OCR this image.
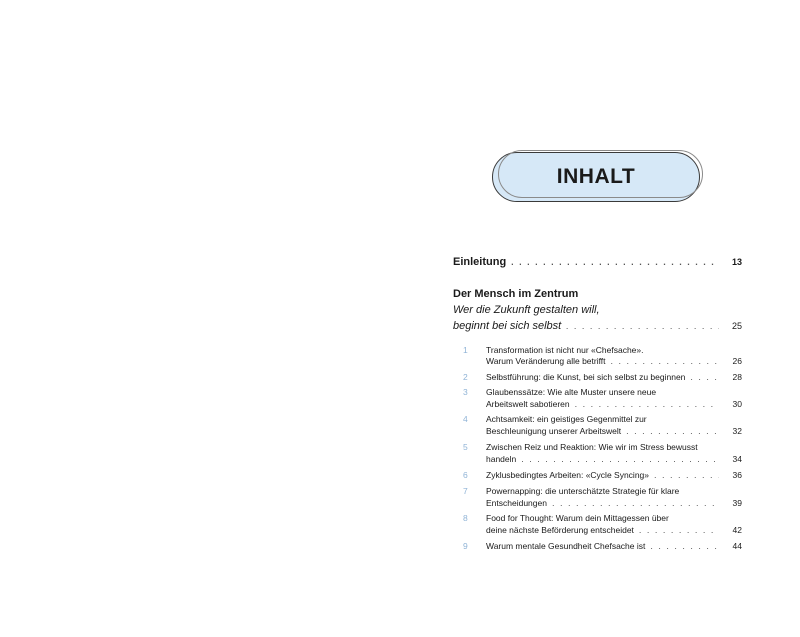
INHALT
Einleitung . . .	13
Der Mensch im Zentrum
Wer die Zukunft gestalten will,
beginnt bei sich selbst . . .	25
1	Transformation ist nicht nur «Chefsache».
Warum Veränderung alle betrifft . . .	26
2	Selbstführung: die Kunst, bei sich selbst zu beginnen . . .	28
3	Glaubenssätze: Wie alte Muster unsere neue
Arbeitswelt sabotieren . . .	30
4	Achtsamkeit: ein geistiges Gegenmittel zur
Beschleunigung unserer Arbeitswelt . . .	32
5	Zwischen Reiz und Reaktion: Wie wir im Stress bewusst
handeln . . .	34
6	Zyklusbedingtes Arbeiten: «Cycle Syncing» . . .	36
7	Powernapping: die unterschätzte Strategie für klare
Entscheidungen . . .	39
8	Food for Thought: Warum dein Mittagessen über
deine nächste Beförderung entscheidet . . .	42
9	Warum mentale Gesundheit Chefsache ist . . .	44
